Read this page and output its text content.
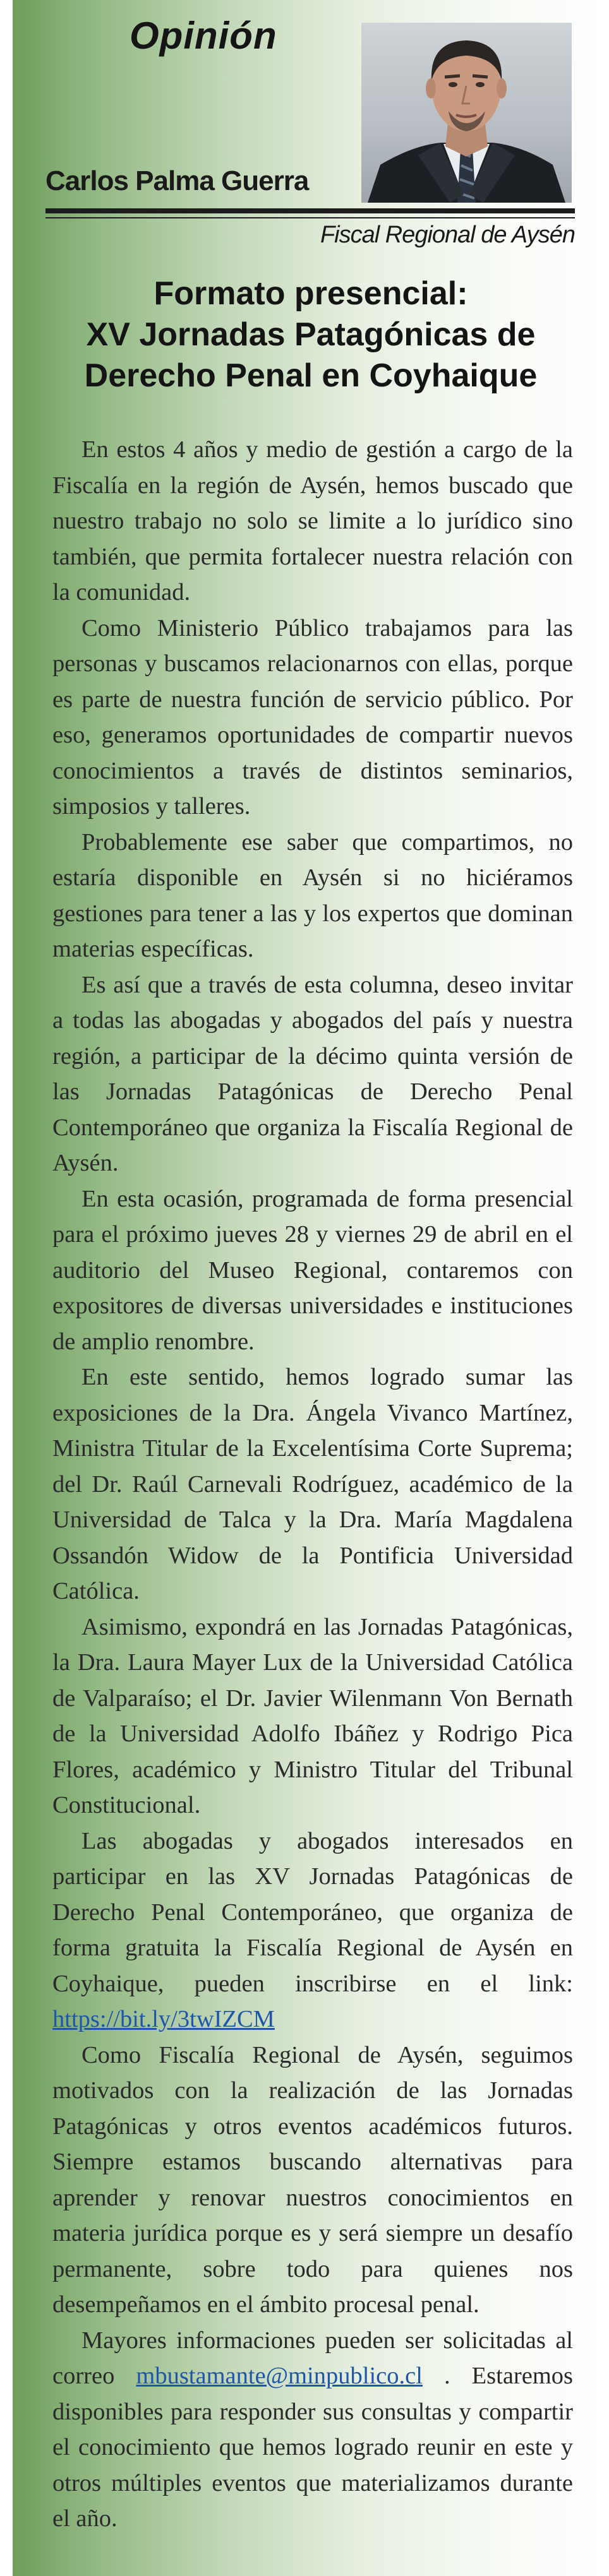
Opinión
Carlos Palma Guerra
Fiscal Regional de Aysén
Formato presencial:
XV Jornadas Patagónicas de
Derecho Penal en Coyhaique

En estos 4 años y medio de gestión a cargo de la Fiscalía en la región de Aysén, hemos buscado que nuestro trabajo no solo se limite a lo jurídico sino también, que permita fortalecer nuestra relación con la comunidad.

Como Ministerio Público trabajamos para las personas y buscamos relacionarnos con ellas, porque es parte de nuestra función de servicio público. Por eso, generamos oportunidades de compartir nuevos conocimientos a través de distintos seminarios, simposios y talleres.

Probablemente ese saber que compartimos, no estaría disponible en Aysén si no hiciéramos gestiones para tener a las y los expertos que dominan materias específicas.

Es así que a través de esta columna, deseo invitar a todas las abogadas y abogados del país y nuestra región, a participar de la décimo quinta versión de las Jornadas Patagónicas de Derecho Penal Contemporáneo que organiza la Fiscalía Regional de Aysén.

En esta ocasión, programada de forma presencial para el próximo jueves 28 y viernes 29 de abril en el auditorio del Museo Regional, contaremos con expositores de diversas universidades e instituciones de amplio renombre.

En este sentido, hemos logrado sumar las exposiciones de la Dra. Ángela Vivanco Martínez, Ministra Titular de la Excelentísima Corte Suprema; del Dr. Raúl Carnevali Rodríguez, académico de la Universidad de Talca y la Dra. María Magdalena Ossandón Widow de la Pontificia Universidad Católica.

Asimismo, expondrá en las Jornadas Patagónicas, la Dra. Laura Mayer Lux de la Universidad Católica de Valparaíso; el Dr. Javier Wilenmann Von Bernath de la Universidad Adolfo Ibáñez y Rodrigo Pica Flores, académico y Ministro Titular del Tribunal Constitucional.

Las abogadas y abogados interesados en participar en las XV Jornadas Patagónicas de Derecho Penal Contemporáneo, que organiza de forma gratuita la Fiscalía Regional de Aysén en Coyhaique, pueden inscribirse en el link: https://bit.ly/3twIZCM

Como Fiscalía Regional de Aysén, seguimos motivados con la realización de las Jornadas Patagónicas y otros eventos académicos futuros. Siempre estamos buscando alternativas para aprender y renovar nuestros conocimientos en materia jurídica porque es y será siempre un desafío permanente, sobre todo para quienes nos desempeñamos en el ámbito procesal penal.

Mayores informaciones pueden ser solicitadas al correo mbustamante@minpublico.cl . Estaremos disponibles para responder sus consultas y compartir el conocimiento que hemos logrado reunir en este y otros múltiples eventos que materializamos durante el año.
